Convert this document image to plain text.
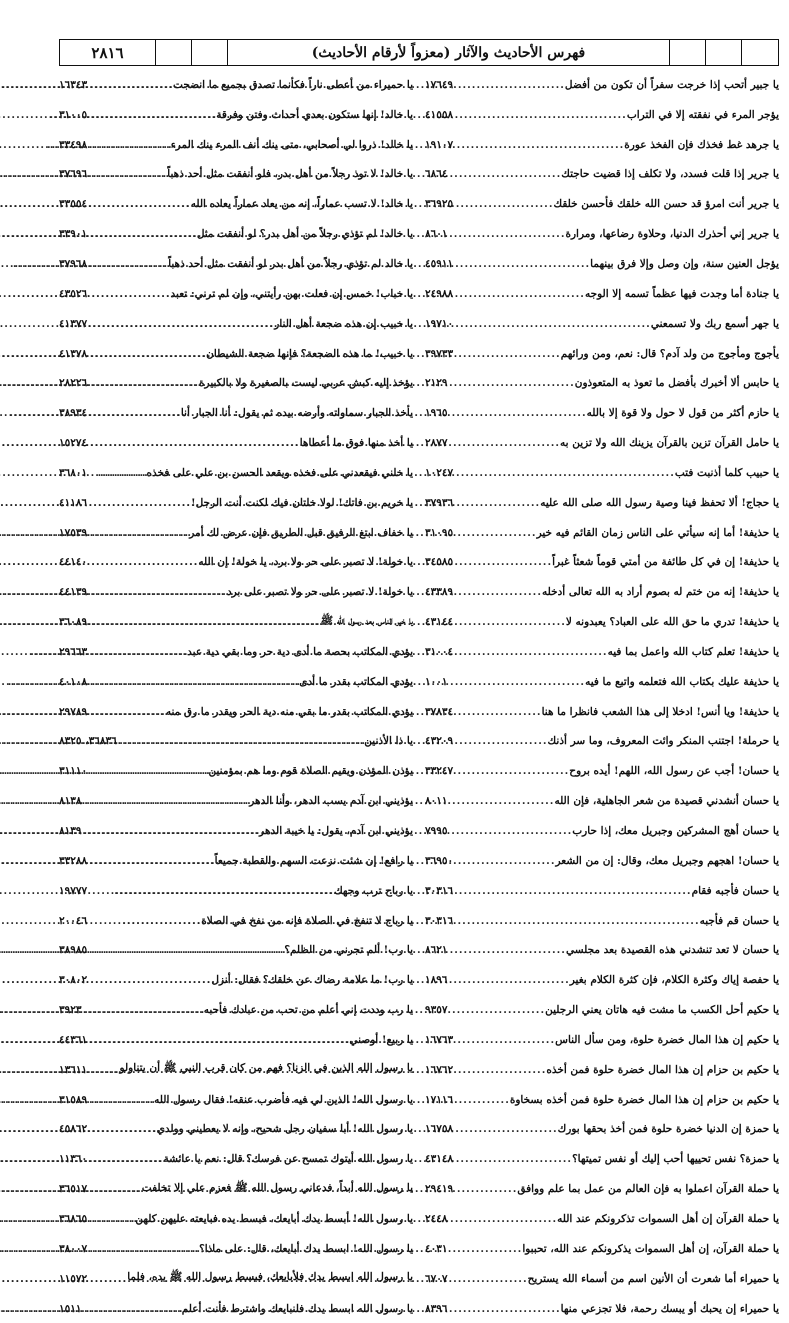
٢٨١٦	فهرس الأحاديث والآثار (معزواً لأرقام الأحاديث)
يا حميراء من أعطى ناراً فكأنما تصدق بجميع ما انضجت
.....
١٦٣٤٣
يا خالد! إنها ستكون بعدي أحداث وفتن وفرقة
.....
٣١٠٠٥
يا خالد! ذروا لي أصحابي، متى ينك أنف المرء ينك المرء
.....
٣٣٤٩٨
يا خالد! لا توذ رجلاً من أهل بدر، فلو أنفقت مثل أحد ذهباً
.....
٣٧٦٩٦
يا خالد! لا تسب عماراً، إنه من يعاد عماراً يعاده الله
.....
٣٣٥٥٤
يا خالد! لم تؤذي رجلاً من أهل بدر؟ لو أنفقت مثل
.....
٣٣٩٠١
يا خالد لم تؤذي رجلاً من أهل بدر لو أنفقت مثل أحد ذهباً
.....
٣٧٩٦٨
يا خباب! خمس إن فعلت بهن رأيتني، وإن لم ترني: تعبد
.....
٤٣٥٢٦
يا خبيب إن هذه ضجعة أهل النار
.....
٤١٣٧٧
يا خبيب! ما هذه الضجعة؟ فإنها ضجعة الشيطان
.....
٤١٣٧٨
يؤخذ إليه كبش عربي ليست بالصغيرة ولا بالكبيرة
.....
٢٨٢٢٦
يأخذ الجبار سماواته وأرضه بيده ثم يقول: أنا الجبار أنا
.....
٣٨٩٣٤
يا أخذ منها فوق ما أعطاها
.....
١٥٢٧٤
يا خلني فيقعدني على فخذه ويقعد الحسن بن علي على فخذه
.....
٣٦٨٠١
يا خريم بن فاتك! لولا خلتان فيك لكنت أنت الرجل!
.....
٤١١٨٦
يا خفاف ابتغ الرفيق قبل الطريق فإن عرض لك أمر
.....
١٧٥٣٩
يا خولة! لا تصبر على حر ولا برد، يا خولة! إن الله
.....
٤٤١٤٠
يا خولة! لا تصبر على حر ولا تصبر على برد
.....
٤٤١٣٩
يا خير الناس بعد رسول الله ﷺ
.....
٣٦٠٨٩
يؤدي المكاتب بحصة ما أدى دية حر وما بقي دية عبد
.....
٢٩٦٦٣
يؤدي المكاتب بقدر ما أدى
.....
٤٠١٠٨
يؤدي المكاتب بقدر ما بقي منه دية الحر ويقدر ما رق منه
.....
٢٩٧٨٩
يا ذا الأذنين
.....
٣٦٨٣٦، ٨٣٢٥
يؤذن المؤذن ويقيم الصلاة قوم وما هم بمؤمنين
.....
٣١١١٠
يؤذيني ابن آدم يسب الدهر، وأنا الدهر
.....
٨١٣٨
يؤذيني ابن آدم، يقول: يا خيبة الدهر
.....
٨١٣٩
يا رافع! إن شئت نزعت السهم والقطبة جميعاً
.....
٣٣٢٨٨
يا رباح ترب وجهك
.....
١٩٧٧٧
يا رباح لا تنفخ في الصلاة فإنه من نفخ في الصلاة
.....
٢٠٠٤٦
يا رب! ألم تجرني من الظلم؟
.....
٣٨٩٨٥
يا رب! ما علامة رضاك عن خلقك؟ فقال: أنزل
.....
٣٠٨٠٢
يا رب وددت إني أعلم من تحب من عبادك فأحبه
.....
٣٩٢٣
يا ربيع! أوصني
.....
٤٤٣٦١
يا رسول الله الذين في الزنا؟ فهم من كان قرب النبي ﷺ أن يتناولو
.....
١٣٦١١
يا رسول الله! الذين لي فيه فأضرب عنقه! فقال رسول الله
.....
٣١٥٨٩
يا رسول الله! أبا سفيان رجل شحيح، وإنه لا يعطيني وولدي
.....
٤٥٨٦٢
يا رسول الله أيتوك تمسح عن فرسك؟ قال: نعم يا عائشة
.....
١١٣٦٠
يا رسول الله أبداً، فدعاني رسول الله ﷺ فعزم علي إلا تخلفت
.....
٣٦٥١٧
يا رسول الله! أبسط يدك أبايعك، فبسط يده فبايعته عليهن كلهن
.....
٣٦٨٦٥
يا رسول الله! ابسط يدك أبايعك، قال: على ماذا؟
.....
٣٨٠٠٧
يا رسول الله ابسط يدك فلأبايعك، فبسط رسول الله ﷺ يده، فلما
.....
١١٥٧٢
يا رسول الله ابسط يدك فلنبايعك واشترط فأنت أعلم
.....
١٥١١
يا جبير أتحب إذا خرجت سفراً أن تكون من أفضل
.....
١٧٦٤٩
يؤجر المرء في نفقته إلا في التراب
.....
٤١٥٥٨
يا جرهد غط فخذك فإن الفخذ عورة
.....
١٩١٠٧
يا جرير إذا قلت فسدد، ولا تكلف إذا قضيت حاجتك
.....
٦٨٦٤
يا جرير أنت امرؤ قد حسن الله خلقك فأحسن خلقك
.....
٣٦٩٢٥
يا جرير إني أحذرك الدنيا، وحلاوة رضاعها، ومرارة
.....
٨٦٠١
يؤجل العنين سنة، وإن وصل وإلا فرق بينهما
.....
٤٥٩١١
يا جنادة أما وجدت فيها عظماً تسمه إلا الوجه
.....
٢٤٩٨٨
يا جهر أسمع ربك ولا تسمعني
.....
١٩٧١٠
يأجوج ومأجوج من ولد آدم؟ قال: نعم، ومن ورائهم
.....
٣٩٧٣٣
يا حابس ألا أخبرك بأفضل ما تعوذ به المتعوذون
.....
٢١٢٩
يا حازم أكثر من قول لا حول ولا قوة إلا بالله
.....
١٩٦٥
يا حامل القرآن تزين بالقرآن يزينك الله ولا تزين به
.....
٢٨٧٧
يا حبيب كلما أذنبت فتب
.....
١٠٢٤٧
يا حجاج! ألا تحفظ فينا وصية رسول الله صلى الله عليه
.....
٣٧٩٣٦
يا حذيفة! أما إنه سيأتي على الناس زمان القائم فيه خير
.....
٣١٠٩٥
يا حذيفة! إن في كل طائفة من أمتي قوماً شعثاً غبراً
.....
٣٤٥٨٥
يا حذيفة! إنه من ختم له بصوم أراد به الله تعالى أدخله
.....
٤٣٣٨٩
يا حذيفة! تدري ما حق الله على العباد؟ يعبدونه لا
.....
٤٣١٤٤
يا حذيفة! تعلم كتاب الله واعمل بما فيه
.....
٣١٠٠٤
يا حذيفة عليك بكتاب الله فتعلمه واتبع ما فيه
.....
١٠٠١
يا حذيفة! ويا أنس! ادخلا إلى هذا الشعب فانظرا ما هنا
.....
٣٧٨٣٤
يا حرملة! اجتنب المنكر وائت المعروف، وما سر أذنك
.....
٤٣٢٠٩
يا حسان! أجب عن رسول الله، اللهم! أيده بروح
.....
٣٣٢٤٧
يا حسان أنشدني قصيدة من شعر الجاهلية، فإن الله
.....
٨٠١١
يا حسان أهج المشركين وجبريل معك، إذا حارب
.....
٧٩٩٥
يا حسان! اهجهم وجبريل معك، وقال: إن من الشعر
.....
٣٦٩٥٠
يا حسان فأجبه فقام
.....
٣٠٣١٦
يا حسان قم فأجبه
.....
٣٠٣١٦
يا حسان لا تعد تنشدني هذه القصيدة بعد مجلسي
.....
٨٦٢١
يا حفصة إياك وكثرة الكلام، فإن كثرة الكلام بغير
.....
١٨٩٦
يا حكيم أحل الكسب ما مشت فيه هاتان يعني الرجلين
.....
٩٣٥٧
يا حكيم إن هذا المال خضرة حلوة، ومن سأل الناس
.....
١٦٧٦٣
يا حكيم بن حزام إن هذا المال خضرة حلوة فمن أخذه
.....
١٦٧٦٢
يا حكيم بن حزام إن هذا المال خضرة حلوة فمن أخذه بسخاوة
.....
١٧١١٦
يا حمزة إن الدنيا خضرة حلوة فمن أخذ بحقها بورك
.....
١٦٧٥٨
يا حمزة؟ نفس تحييها أحب إليك أو نفس تميتها؟
.....
٤٣١٤٨
يا حملة القرآن اعملوا به فإن العالم من عمل بما علم ووافق
.....
٢٩٤١٩
يا حملة القرآن إن أهل السموات تذكرونكم عند الله
.....
٢٤٤٨
يا حملة القرآن، إن أهل السموات يذكرونكم عند الله، تحببوا
.....
٤٠٣١
يا حميراء أما شعرت أن الأنين اسم من أسماء الله يستريح
.....
٦٧٠٧
يا حميراء إن يحبك أو يبسك رحمة، فلا تجزعي منها
.....
٨٣٩٦
